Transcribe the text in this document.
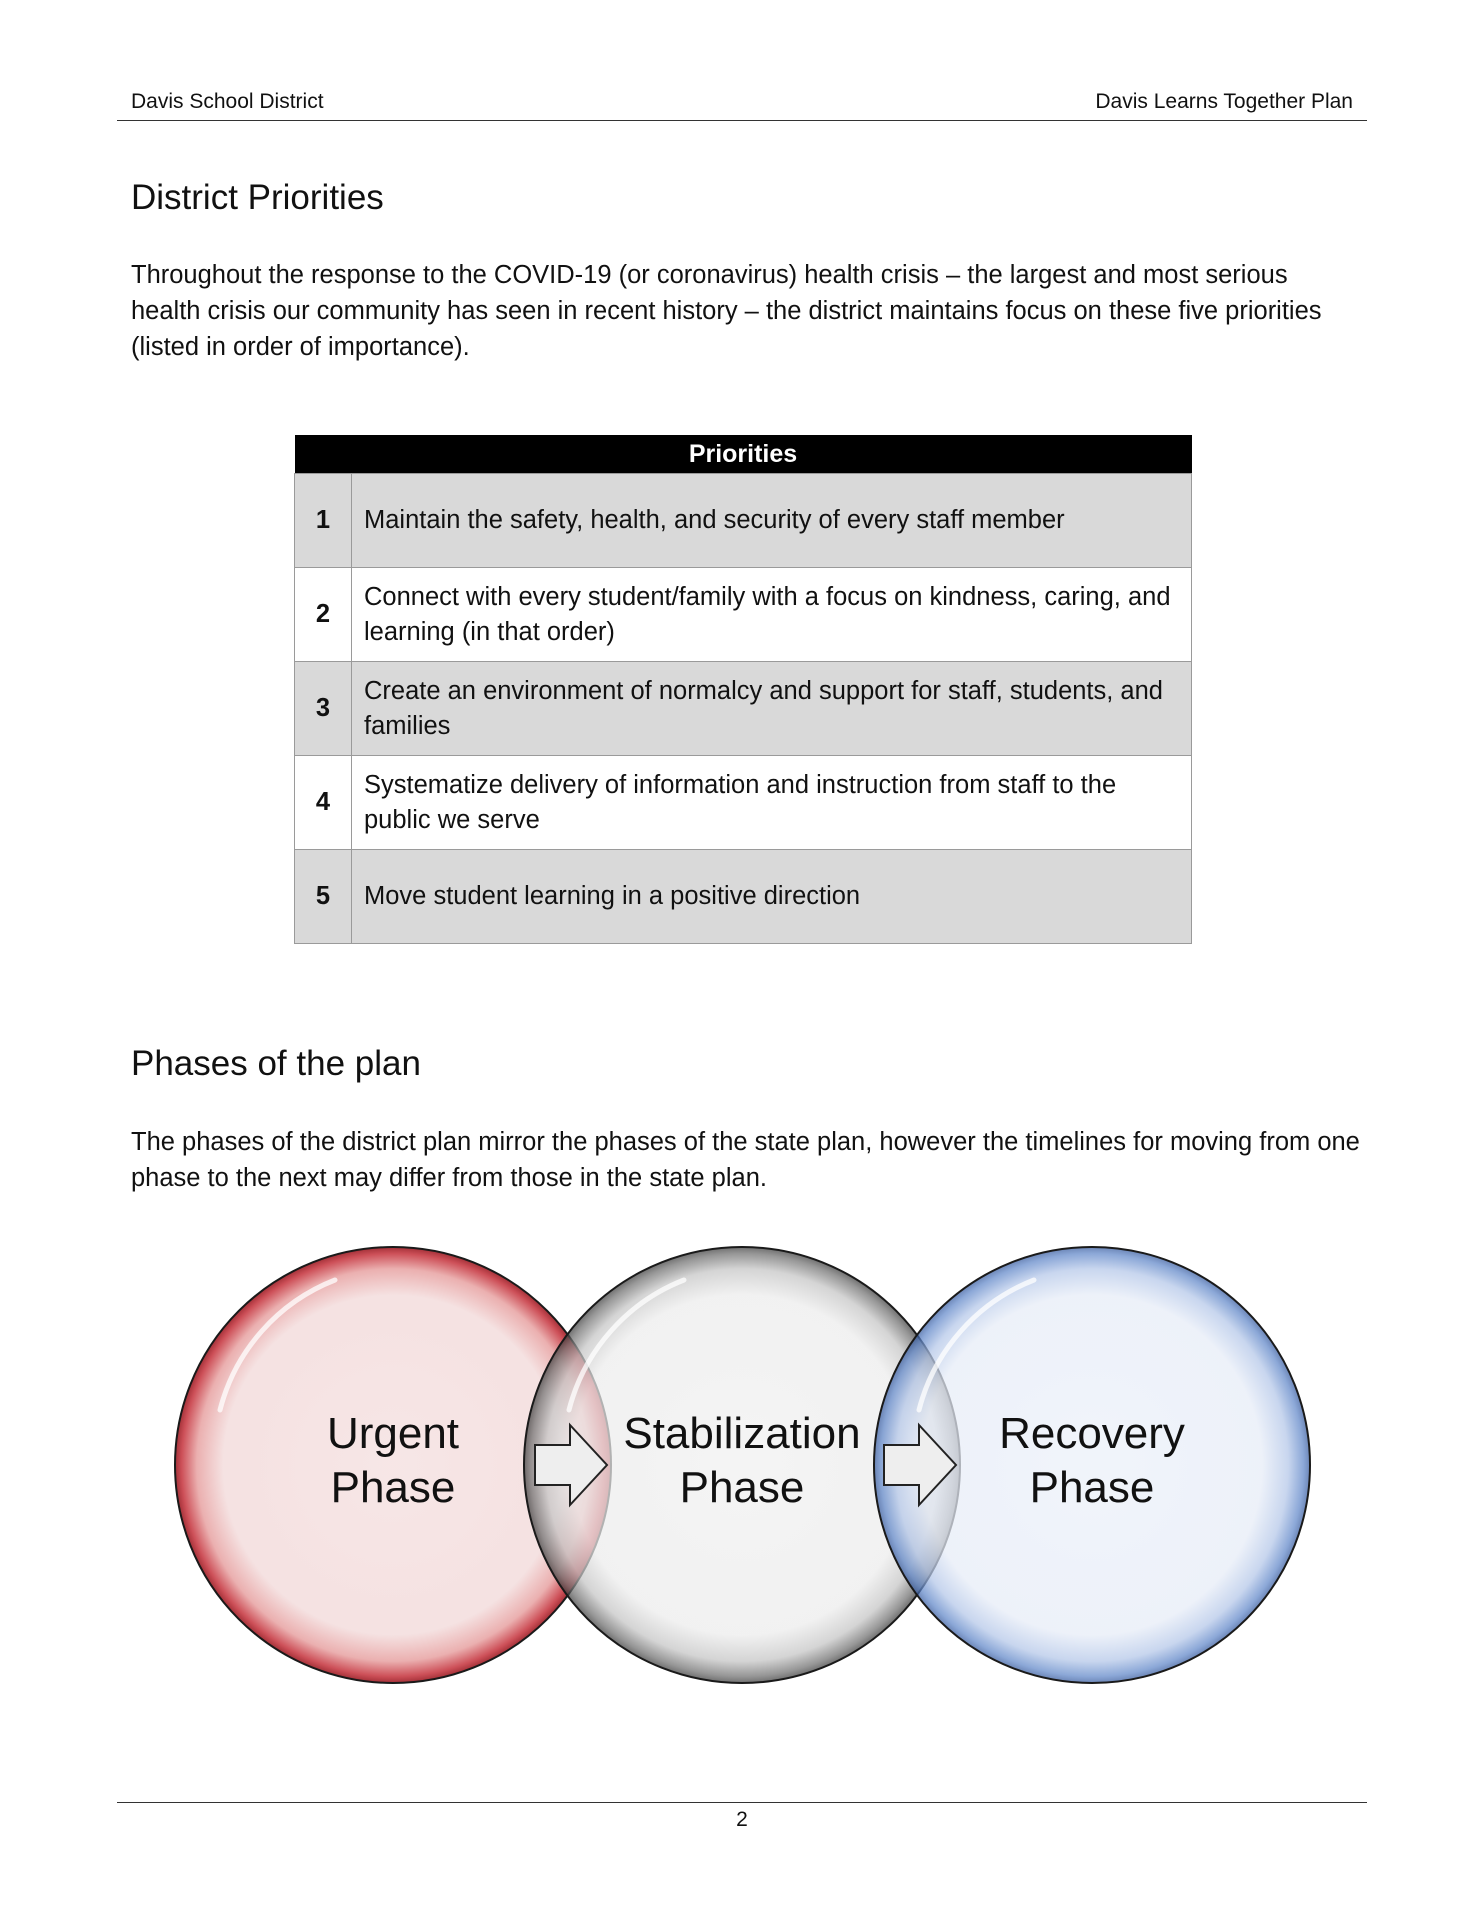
Davis School District	Davis Learns Together Plan
District Priorities

Throughout the response to the COVID-19 (or coronavirus) health crisis – the largest and most serious health crisis our community has seen in recent history – the district maintains focus on these five priorities (listed in order of importance).

Priorities	
1	Maintain the safety, health, and security of every staff member
2	Connect with every student/family with a focus on kindness, caring, and learning (in that order)
3	Create an environment of normalcy and support for staff, students, and families
4	Systematize delivery of information and instruction from staff to the public we serve
5	Move student learning in a positive direction
Phases of the plan

The phases of the district plan mirror the phases of the state plan, however the timelines for moving from one phase to the next may differ from those in the state plan.

Urgent
Phase
Stabilization
Phase
Recovery
Phase
2
